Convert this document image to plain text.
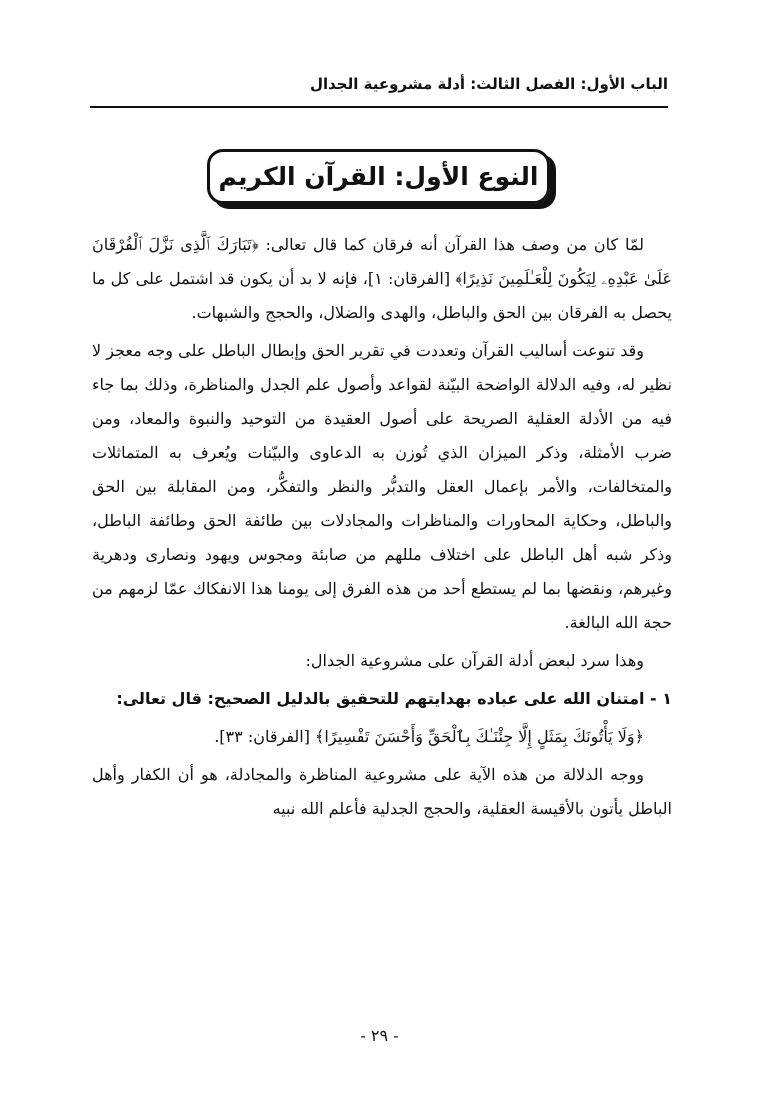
الباب الأول: الفصل الثالث: أدلة مشروعية الجدال
النوع الأول: القرآن الكريم

لمّا كان من وصف هذا القرآن أنه فرقان كما قال تعالى: ﴿تَبَارَكَ ٱلَّذِى نَزَّلَ ٱلْفُرْقَانَ عَلَىٰ عَبْدِهِۦ لِيَكُونَ لِلْعَـٰلَمِينَ نَذِيرًا﴾ [الفرقان: ١]، فإنه لا بد أن يكون قد اشتمل على كل ما يحصل به الفرقان بين الحق والباطل، والهدى والضلال، والحجج والشبهات.

وقد تنوعت أساليب القرآن وتعددت في تقرير الحق وإبطال الباطل على وجه معجز لا نظير له، وفيه الدلالة الواضحة البيّنة لقواعد وأصول علم الجدل والمناظرة، وذلك بما جاء فيه من الأدلة العقلية الصريحة على أصول العقيدة من التوحيد والنبوة والمعاد، ومن ضرب الأمثلة، وذكر الميزان الذي تُوزن به الدعاوى والبيّنات ويُعرف به المتماثلات والمتخالفات، والأمر بإعمال العقل والتدبُّر والنظر والتفكُّر، ومن المقابلة بين الحق والباطل، وحكاية المحاورات والمناظرات والمجادلات بين طائفة الحق وطائفة الباطل، وذكر شبه أهل الباطل على اختلاف مللهم من صابئة ومجوس ويهود ونصارى ودهرية وغيرهم، ونقضها بما لم يستطع أحد من هذه الفرق إلى يومنا هذا الانفكاك عمّا لزمهم من حجة الله البالغة.

وهذا سرد لبعض أدلة القرآن على مشروعية الجدال:

١ - امتنان الله على عباده بهدايتهم للتحقيق بالدليل الصحيح: قال تعالى:

﴿وَلَا يَأْتُونَكَ بِمَثَلٍ إِلَّا جِئْنَـٰكَ بِٱلْحَقِّ وَأَحْسَنَ تَفْسِيرًا﴾ [الفرقان: ٣٣].

ووجه الدلالة من هذه الآية على مشروعية المناظرة والمجادلة، هو أن الكفار وأهل الباطل يأتون بالأقيسة العقلية، والحجج الجدلية فأعلم الله نبيه

- ٢٩ -
